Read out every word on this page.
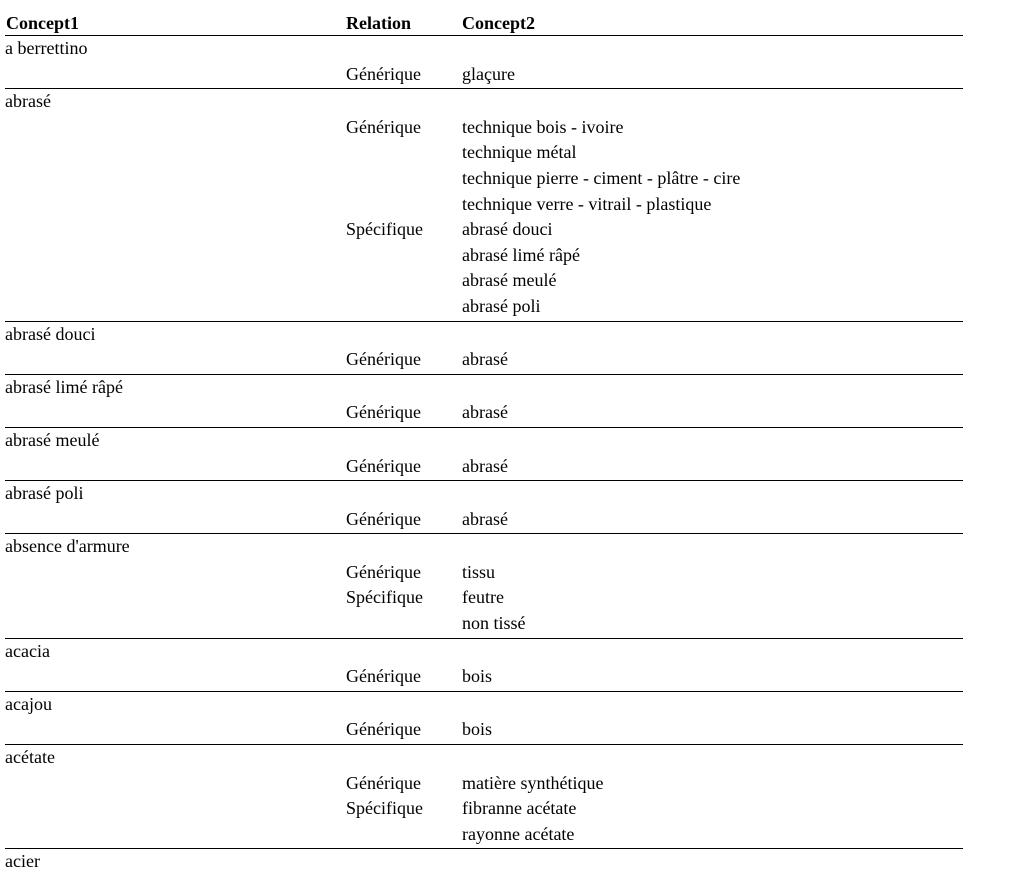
Concept1	Relation	Concept2
a berrettino
Générique glaçure
abrasé
Générique technique bois - ivoire
technique métal
technique pierre - ciment - plâtre - cire
technique verre - vitrail - plastique
Spécifique abrasé douci
abrasé limé râpé
abrasé meulé
abrasé poli
abrasé douci
Générique abrasé
abrasé limé râpé
Générique abrasé
abrasé meulé
Générique abrasé
abrasé poli
Générique abrasé
absence d'armure
Générique tissu
Spécifique feutre
non tissé
acacia
Générique bois
acajou
Générique bois
acétate
Générique matière synthétique
Spécifique fibranne acétate
rayonne acétate
acier
